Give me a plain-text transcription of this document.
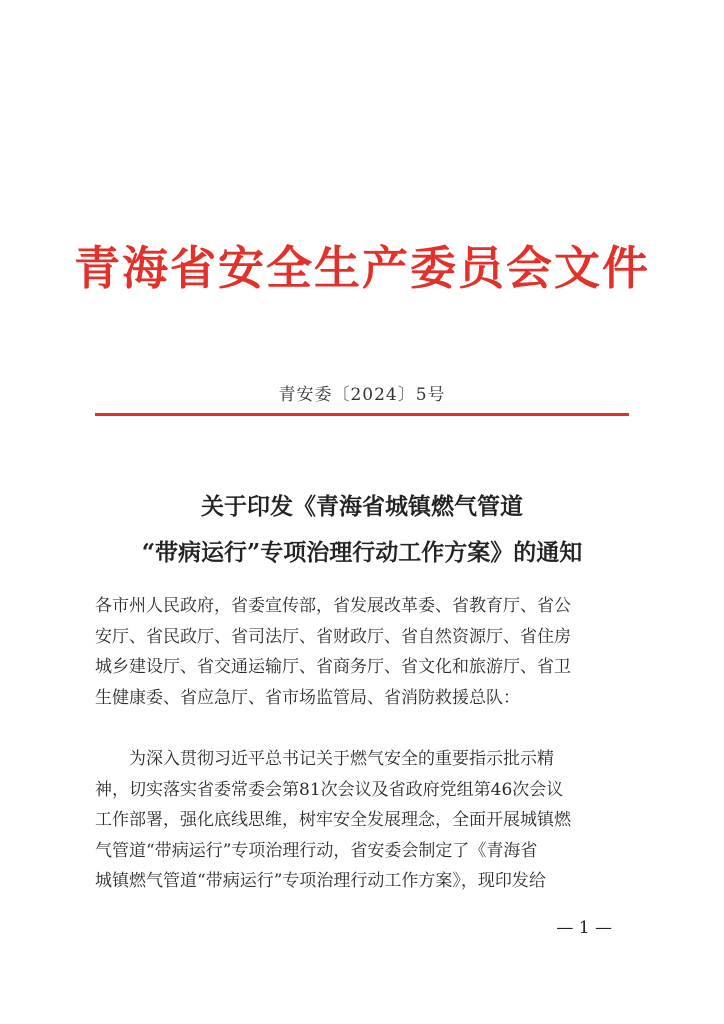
青海省安全生产委员会文件
青安委〔2024〕5号
关于印发《青海省城镇燃气管道
“带病运行”专项治理行动工作方案》的通知
各市州人民政府，省委宣传部，省发展改革委、省教育厅、省公
安厅、省民政厅、省司法厅、省财政厅、省自然资源厅、省住房
城乡建设厅、省交通运输厅、省商务厅、省文化和旅游厅、省卫
生健康委、省应急厅、省市场监管局、省消防救援总队：
　　为深入贯彻习近平总书记关于燃气安全的重要指示批示精
神，切实落实省委常委会第81次会议及省政府党组第46次会议
工作部署，强化底线思维，树牢安全发展理念，全面开展城镇燃
气管道“带病运行”专项治理行动，省安委会制定了《青海省
城镇燃气管道“带病运行”专项治理行动工作方案》，现印发给
— 1 —
